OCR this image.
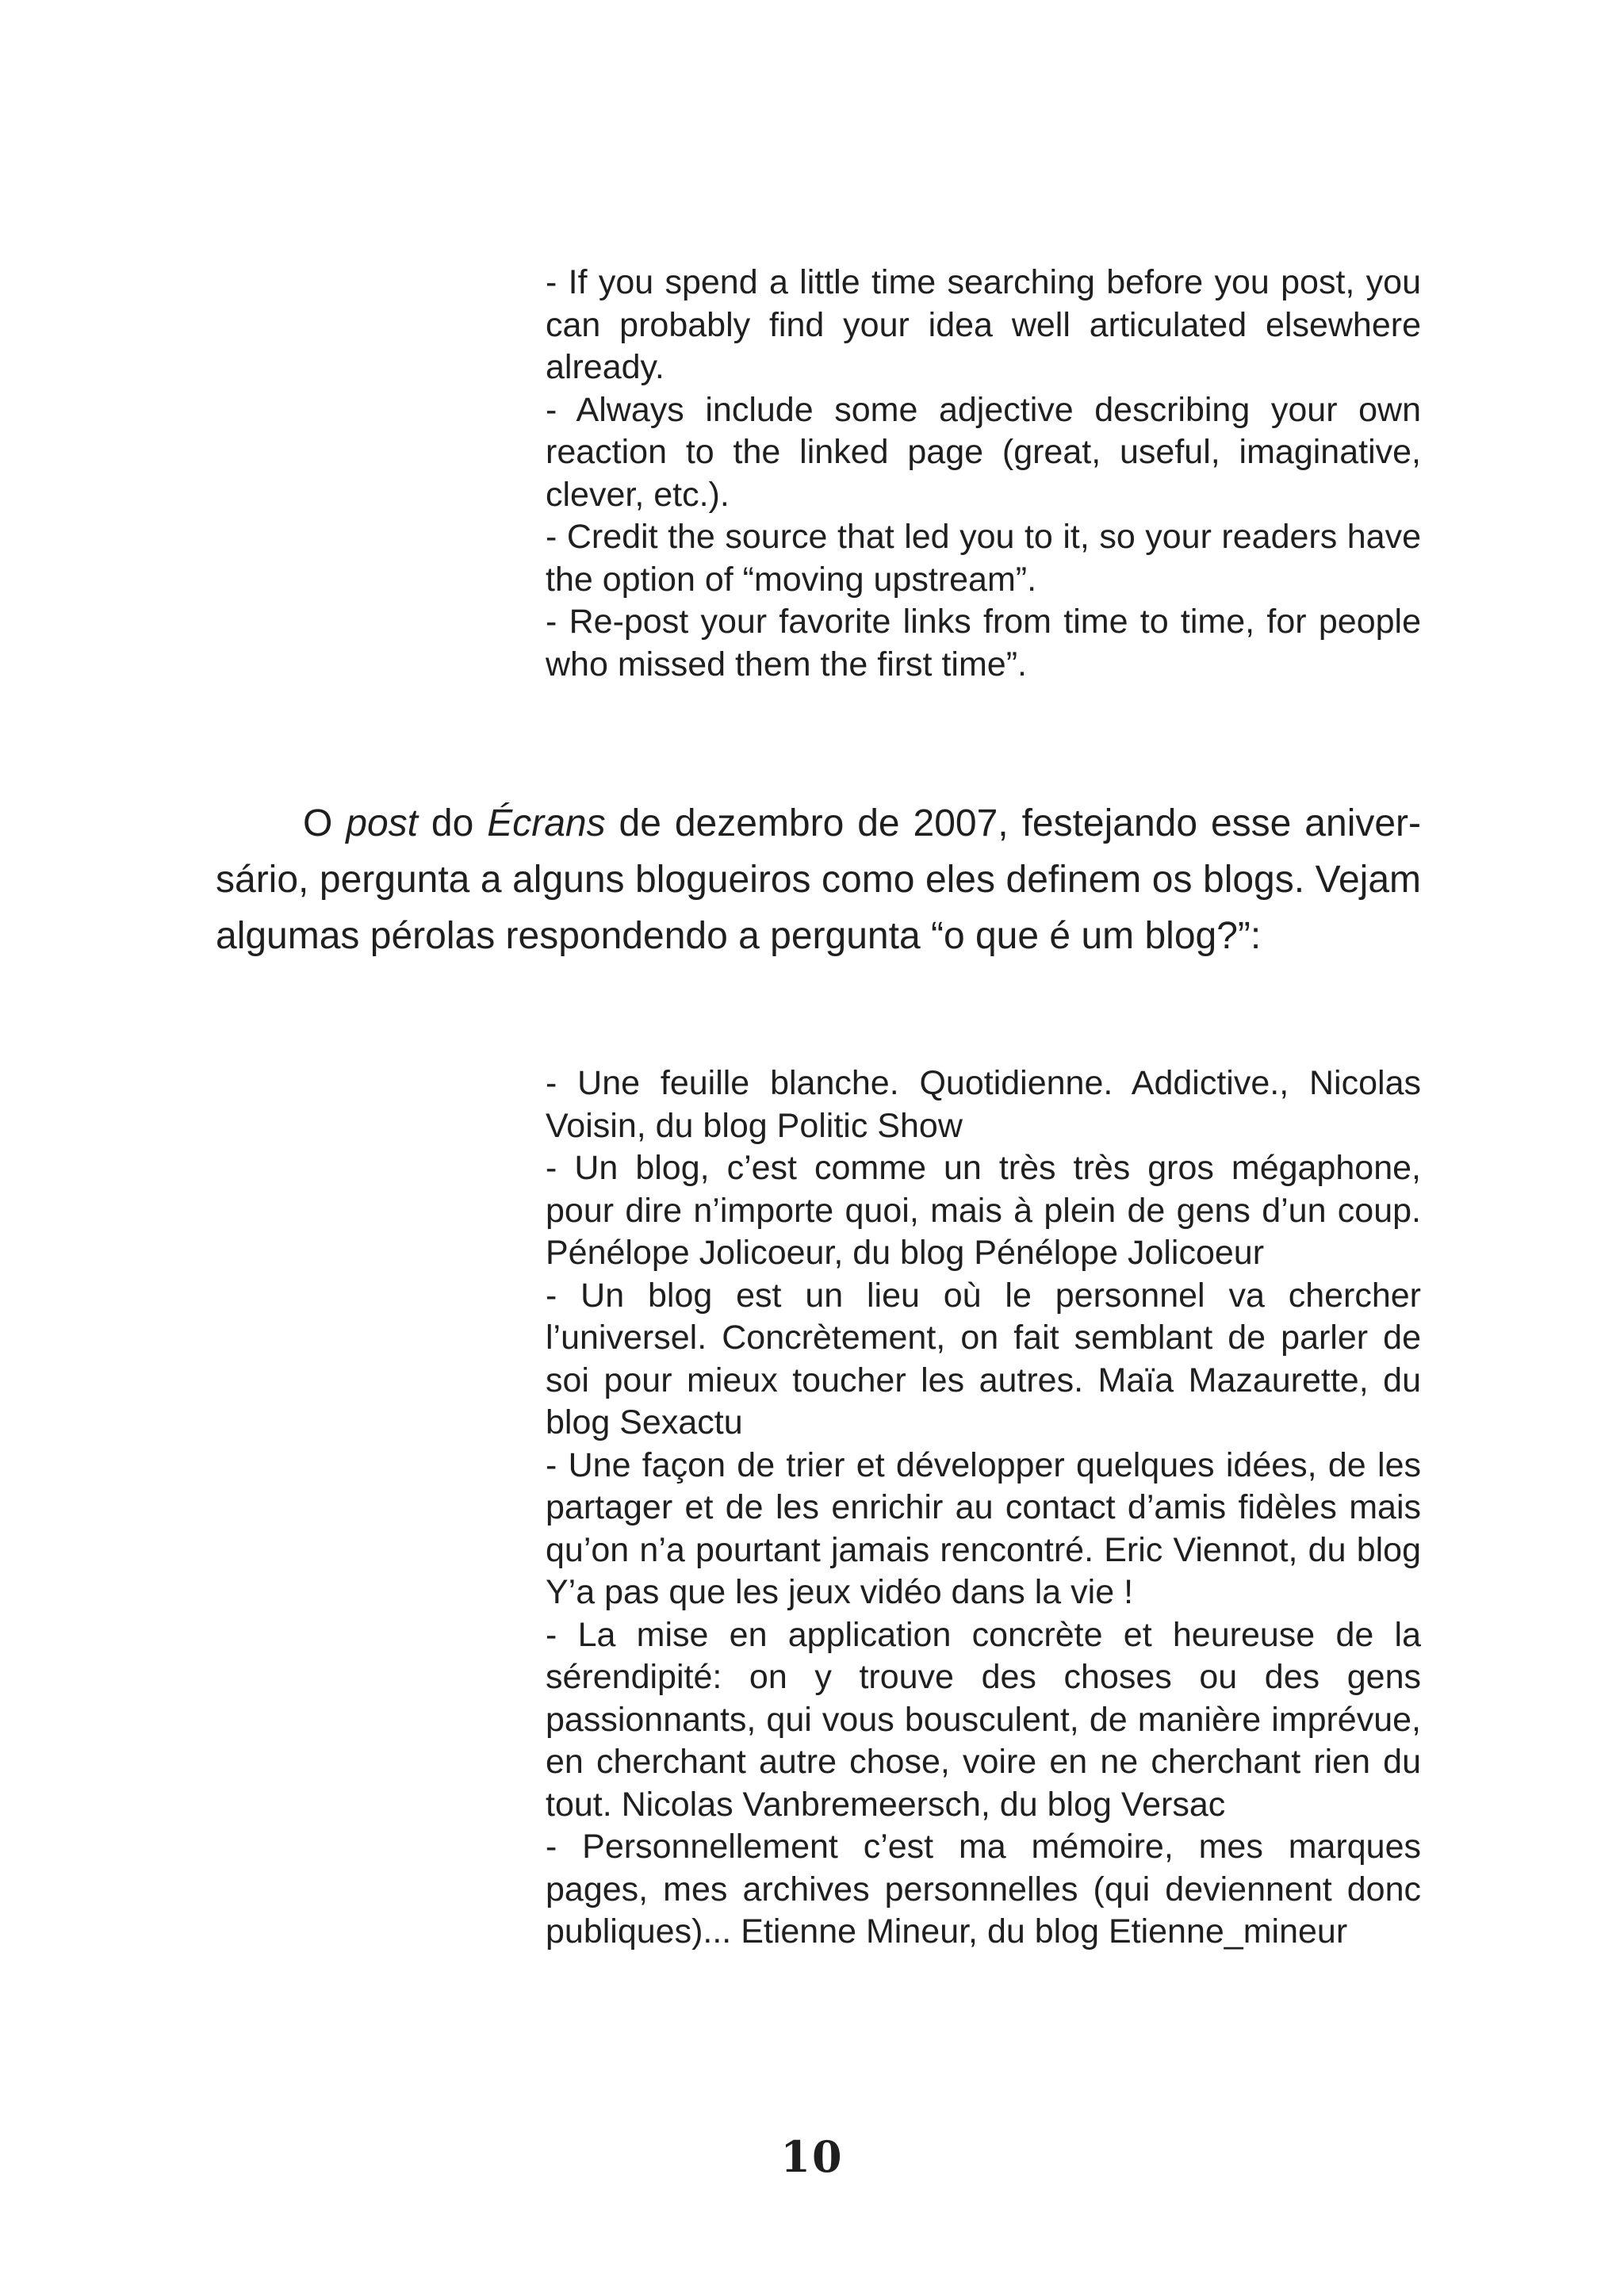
- If you spend a little time searching before you post, you can probably find your idea well articulated elsewhere already.

- Always include some adjective describing your own reaction to the linked page (great, useful, imaginative, clever, etc.).

- Credit the source that led you to it, so your readers have the option of “moving upstream”.

- Re-post your favorite links from time to time, for people who missed them the first time”.

O post do Écrans de dezembro de 2007, festejando esse aniver-sário, pergunta a alguns blogueiros como eles definem os blogs. Vejam algumas pérolas respondendo a pergunta “o que é um blog?”:

- Une feuille blanche. Quotidienne. Addictive., Nicolas Voisin, du blog Politic Show

- Un blog, c’est comme un très très gros mégaphone, pour dire n’importe quoi, mais à plein de gens d’un coup. Pénélope Jolicoeur, du blog Pénélope Jolicoeur

- Un blog est un lieu où le personnel va chercher l’universel. Concrètement, on fait semblant de parler de soi pour mieux toucher les autres. Maïa Mazaurette, du blog Sexactu

- Une façon de trier et développer quelques idées, de les partager et de les enrichir au contact d’amis fidèles mais qu’on n’a pourtant jamais rencontré. Eric Viennot, du blog Y’a pas que les jeux vidéo dans la vie !

- La mise en application concrète et heureuse de la sérendipité: on y trouve des choses ou des gens passionnants, qui vous bousculent, de manière imprévue, en cherchant autre chose, voire en ne cherchant rien du tout. Nicolas Vanbremeersch, du blog Versac

- Personnellement c’est ma mémoire, mes marques pages, mes archives personnelles (qui deviennent donc publiques)... Etienne Mineur, du blog Etienne_mineur

10
